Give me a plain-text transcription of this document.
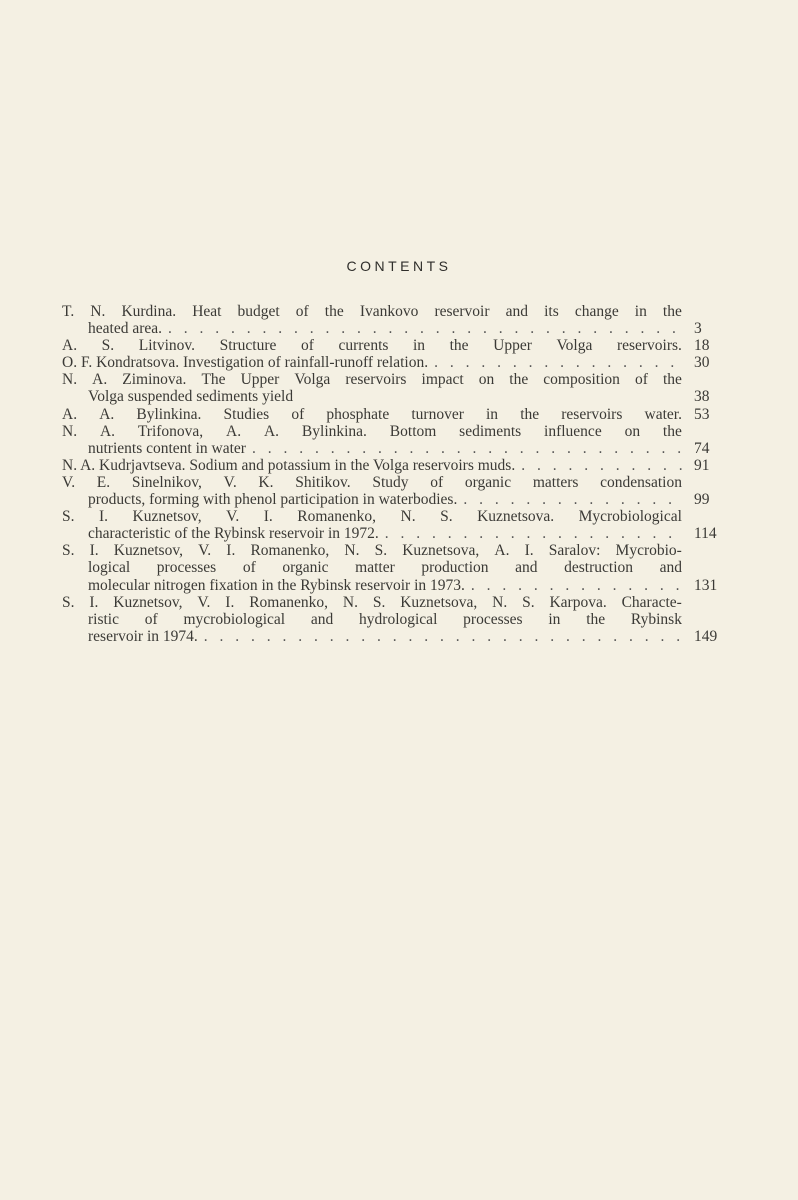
CONTENTS
T. N. Kurdina. Heat budget of the Ivankovo reservoir and its change in the
heated area. . . .	3
A. S. Litvinov. Structure of currents in the Upper Volga reservoirs. 18
O. F. Kondratsova. Investigation of rainfall-runoff relation. . . .	30
N. A. Ziminova. The Upper Volga reservoirs impact on the composition of the
Volga suspended sediments yield	38
A. A. Bylinkina. Studies of phosphate turnover in the reservoirs water. 53
N. A. Trifonova, A. A. Bylinkina. Bottom sediments influence on the
nutrients content in water . . .	74
N. A. Kudrjavtseva. Sodium and potassium in the Volga reservoirs muds. . . .	91
V. E. Sinelnikov, V. K. Shitikov. Study of organic matters condensation
products, forming with phenol participation in waterbodies. . . .	99
S. I. Kuznetsov, V. I. Romanenko, N. S. Kuznetsova. Mycrobiological
characteristic of the Rybinsk reservoir in 1972. . . .	114
S. I. Kuznetsov, V. I. Romanenko, N. S. Kuznetsova, A. I. Saralov: Mycrobio-
logical processes of organic matter production and destruction and
molecular nitrogen fixation in the Rybinsk reservoir in 1973. . . .	131
S. I. Kuznetsov, V. I. Romanenko, N. S. Kuznetsova, N. S. Karpova. Characte-
ristic of mycrobiological and hydrological processes in the Rybinsk
reservoir in 1974. . . .	149
